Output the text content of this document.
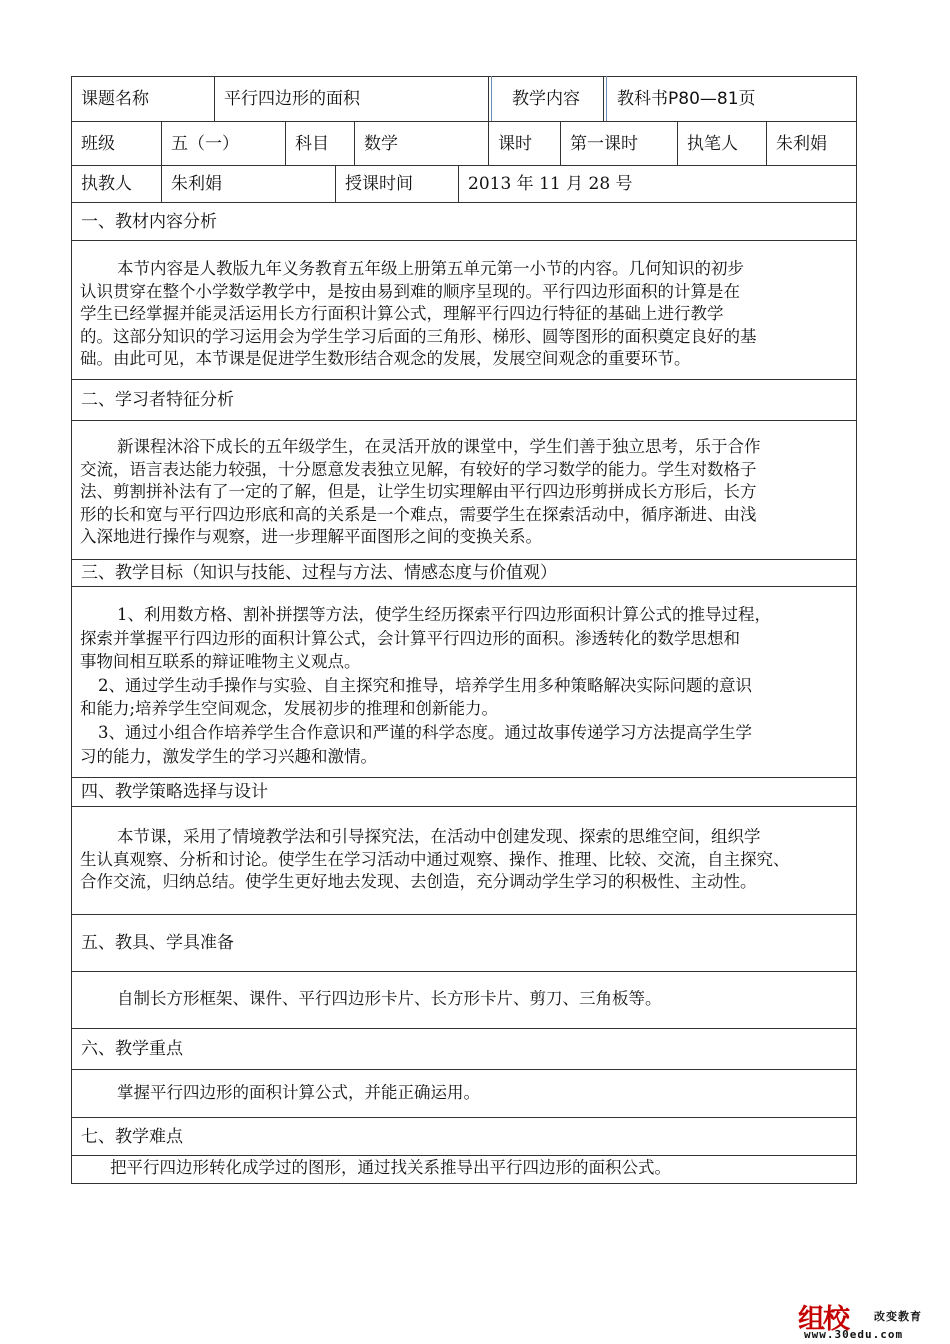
课题名称	平行四边形的面积	教学内容	教科书 P80—81 页
班级	五（一）	科目	数学	课时	第一课时	执笔人	朱利娟
执教人	朱利娟	授课时间	2013 年 11 月 28 号
一、教材内容分析

本节内容是人教版九年义务教育五年级上册第五单元第一小节的内容。几何知识的初步

认识贯穿在整个小学数学教学中，是按由易到难的顺序呈现的。平行四边形面积的计算是在

学生已经掌握并能灵活运用长方行面积计算公式，理解平行四边行特征的基础上进行教学

的。这部分知识的学习运用会为学生学习后面的三角形、梯形、圆等图形的面积奠定良好的基

础。由此可见，本节课是促进学生数形结合观念的发展，发展空间观念的重要环节。

二、学习者特征分析

新课程沐浴下成长的五年级学生，在灵活开放的课堂中，学生们善于独立思考，乐于合作

交流，语言表达能力较强，十分愿意发表独立见解，有较好的学习数学的能力。学生对数格子

法、剪割拼补法有了一定的了解，但是，让学生切实理解由平行四边形剪拼成长方形后，长方

形的长和宽与平行四边形底和高的关系是一个难点，需要学生在探索活动中，循序渐进、由浅

入深地进行操作与观察，进一步理解平面图形之间的变换关系。

三、教学目标（知识与技能、过程与方法、情感态度与价值观）

1、利用数方格、割补拼摆等方法，使学生经历探索平行四边形面积计算公式的推导过程，

探索并掌握平行四边形的面积计算公式，会计算平行四边形的面积。渗透转化的数学思想和

事物间相互联系的辩证唯物主义观点。

2、通过学生动手操作与实验、自主探究和推导，培养学生用多种策略解决实际问题的意识

和能力;培养学生空间观念，发展初步的推理和创新能力。

3、通过小组合作培养学生合作意识和严谨的科学态度。通过故事传递学习方法提高学生学

习的能力，激发学生的学习兴趣和激情。

四、教学策略选择与设计

本节课，采用了情境教学法和引导探究法，在活动中创建发现、探索的思维空间，组织学

生认真观察、分析和讨论。使学生在学习活动中通过观察、操作、推理、比较、交流，自主探究、

合作交流，归纳总结。使学生更好地去发现、去创造，充分调动学生学习的积极性、主动性。

五、教具、学具准备

自制长方形框架、课件、平行四边形卡片、长方形卡片、剪刀、三角板等。

六、教学重点

掌握平行四边形的面积计算公式，并能正确运用。

七、教学难点

把平行四边形转化成学过的图形，通过找关系推导出平行四边形的面积公式。

组校 改变教育
www.30edu.com
